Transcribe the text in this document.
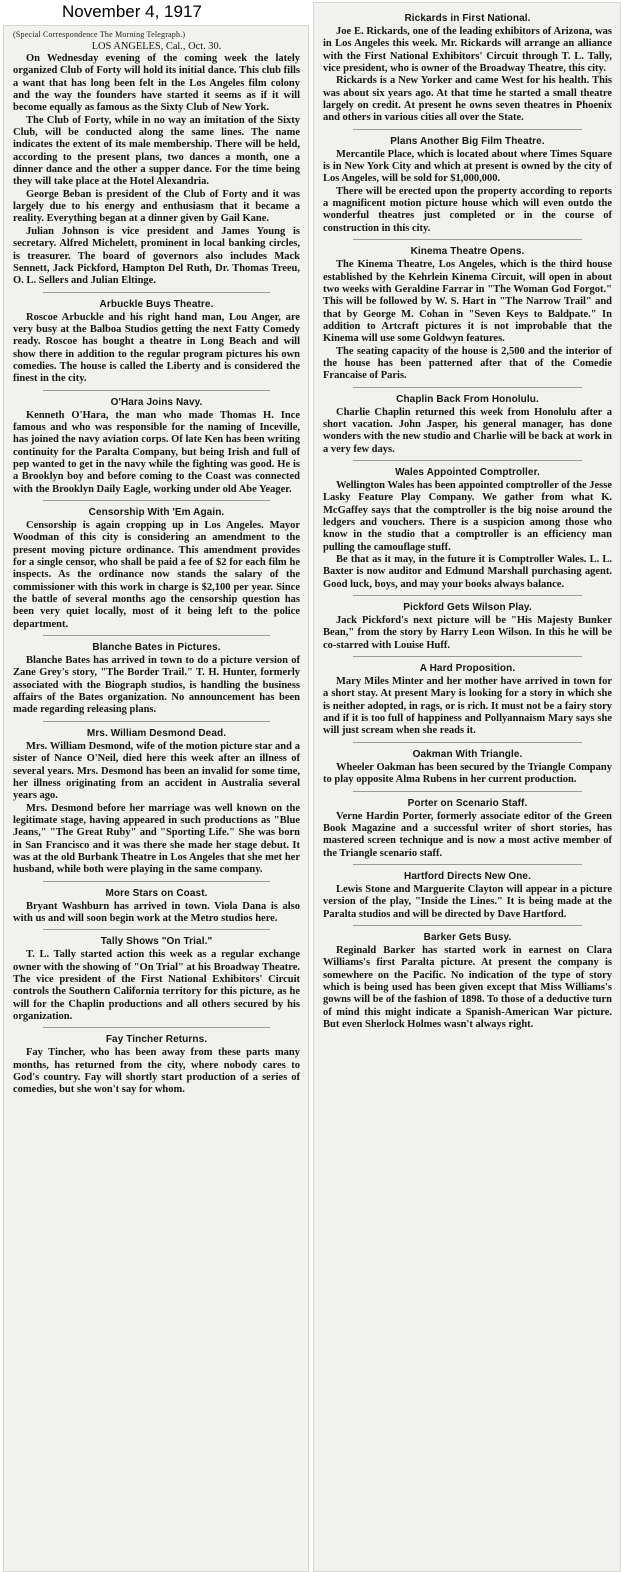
November 4, 1917
(Special Correspondence The Morning Telegraph.)
LOS ANGELES, Cal., Oct. 30.

On Wednesday evening of the coming week the lately organized Club of Forty will hold its initial dance. This club fills a want that has long been felt in the Los Angeles film colony and the way the founders have started it seems as if it will become equally as famous as the Sixty Club of New York.

The Club of Forty, while in no way an imitation of the Sixty Club, will be conducted along the same lines. The name indicates the extent of its male membership. There will be held, according to the present plans, two dances a month, one a dinner dance and the other a supper dance. For the time being they will take place at the Hotel Alexandria.

George Beban is president of the Club of Forty and it was largely due to his energy and enthusiasm that it became a reality. Everything began at a dinner given by Gail Kane.

Julian Johnson is vice president and James Young is secretary. Alfred Michelett, prominent in local banking circles, is treasurer. The board of governors also includes Mack Sennett, Jack Pickford, Hampton Del Ruth, Dr. Thomas Treeu, O. L. Sellers and Julian Eltinge.

Arbuckle Buys Theatre.

Roscoe Arbuckle and his right hand man, Lou Anger, are very busy at the Balboa Studios getting the next Fatty Comedy ready. Roscoe has bought a theatre in Long Beach and will show there in addition to the regular program pictures his own comedies. The house is called the Liberty and is considered the finest in the city.

O'Hara Joins Navy.

Kenneth O'Hara, the man who made Thomas H. Ince famous and who was responsible for the naming of Inceville, has joined the navy aviation corps. Of late Ken has been writing continuity for the Paralta Company, but being Irish and full of pep wanted to get in the navy while the fighting was good. He is a Brooklyn boy and before coming to the Coast was connected with the Brooklyn Daily Eagle, working under old Abe Yeager.

Censorship With 'Em Again.

Censorship is again cropping up in Los Angeles. Mayor Woodman of this city is considering an amendment to the present moving picture ordinance. This amendment provides for a single censor, who shall be paid a fee of $2 for each film he inspects. As the ordinance now stands the salary of the commissioner with this work in charge is $2,100 per year. Since the battle of several months ago the censorship question has been very quiet locally, most of it being left to the police department.

Blanche Bates in Pictures.

Blanche Bates has arrived in town to do a picture version of Zane Grey's story, "The Border Trail." T. H. Hunter, formerly associated with the Biograph studios, is handling the business affairs of the Bates organization. No announcement has been made regarding releasing plans.

Mrs. William Desmond Dead.

Mrs. William Desmond, wife of the motion picture star and a sister of Nance O'Neil, died here this week after an illness of several years. Mrs. Desmond has been an invalid for some time, her illness originating from an accident in Australia several years ago.

Mrs. Desmond before her marriage was well known on the legitimate stage, having appeared in such productions as "Blue Jeans," "The Great Ruby" and "Sporting Life." She was born in San Francisco and it was there she made her stage debut. It was at the old Burbank Theatre in Los Angeles that she met her husband, while both were playing in the same company.

More Stars on Coast.

Bryant Washburn has arrived in town. Viola Dana is also with us and will soon begin work at the Metro studios here.

Tally Shows "On Trial."

T. L. Tally started action this week as a regular exchange owner with the showing of "On Trial" at his Broadway Theatre. The vice president of the First National Exhibitors' Circuit controls the Southern California territory for this picture, as he will for the Chaplin productions and all others secured by his organization.

Fay Tincher Returns.

Fay Tincher, who has been away from these parts many months, has returned from the city, where nobody cares to God's country. Fay will shortly start production of a series of comedies, but she won't say for whom.

Rickards in First National.

Joe E. Rickards, one of the leading exhibitors of Arizona, was in Los Angeles this week. Mr. Rickards will arrange an alliance with the First National Exhibitors' Circuit through T. L. Tally, vice president, who is owner of the Broadway Theatre, this city.

Rickards is a New Yorker and came West for his health. This was about six years ago. At that time he started a small theatre largely on credit. At present he owns seven theatres in Phoenix and others in various cities all over the State.

Plans Another Big Film Theatre.

Mercantile Place, which is located about where Times Square is in New York City and which at present is owned by the city of Los Angeles, will be sold for $1,000,000.

There will be erected upon the property according to reports a magnificent motion picture house which will even outdo the wonderful theatres just completed or in the course of construction in this city.

Kinema Theatre Opens.

The Kinema Theatre, Los Angeles, which is the third house established by the Kehrlein Kinema Circuit, will open in about two weeks with Geraldine Farrar in "The Woman God Forgot." This will be followed by W. S. Hart in "The Narrow Trail" and that by George M. Cohan in "Seven Keys to Baldpate." In addition to Artcraft pictures it is not improbable that the Kinema will use some Goldwyn features.

The seating capacity of the house is 2,500 and the interior of the house has been patterned after that of the Comedie Francaise of Paris.

Chaplin Back From Honolulu.

Charlie Chaplin returned this week from Honolulu after a short vacation. John Jasper, his general manager, has done wonders with the new studio and Charlie will be back at work in a very few days.

Wales Appointed Comptroller.

Wellington Wales has been appointed comptroller of the Jesse Lasky Feature Play Company. We gather from what K. McGaffey says that the comptroller is the big noise around the ledgers and vouchers. There is a suspicion among those who know in the studio that a comptroller is an efficiency man pulling the camouflage stuff.

Be that as it may, in the future it is Comptroller Wales. L. L. Baxter is now auditor and Edmund Marshall purchasing agent. Good luck, boys, and may your books always balance.

Pickford Gets Wilson Play.

Jack Pickford's next picture will be "His Majesty Bunker Bean," from the story by Harry Leon Wilson. In this he will be co-starred with Louise Huff.

A Hard Proposition.

Mary Miles Minter and her mother have arrived in town for a short stay. At present Mary is looking for a story in which she is neither adopted, in rags, or is rich. It must not be a fairy story and if it is too full of happiness and Pollyannaism Mary says she will just scream when she reads it.

Oakman With Triangle.

Wheeler Oakman has been secured by the Triangle Company to play opposite Alma Rubens in her current production.

Porter on Scenario Staff.

Verne Hardin Porter, formerly associate editor of the Green Book Magazine and a successful writer of short stories, has mastered screen technique and is now a most active member of the Triangle scenario staff.

Hartford Directs New One.

Lewis Stone and Marguerite Clayton will appear in a picture version of the play, "Inside the Lines." It is being made at the Paralta studios and will be directed by Dave Hartford.

Barker Gets Busy.

Reginald Barker has started work in earnest on Clara Williams's first Paralta picture. At present the company is somewhere on the Pacific. No indication of the type of story which is being used has been given except that Miss Williams's gowns will be of the fashion of 1898. To those of a deductive turn of mind this might indicate a Spanish-American War picture. But even Sherlock Holmes wasn't always right.
